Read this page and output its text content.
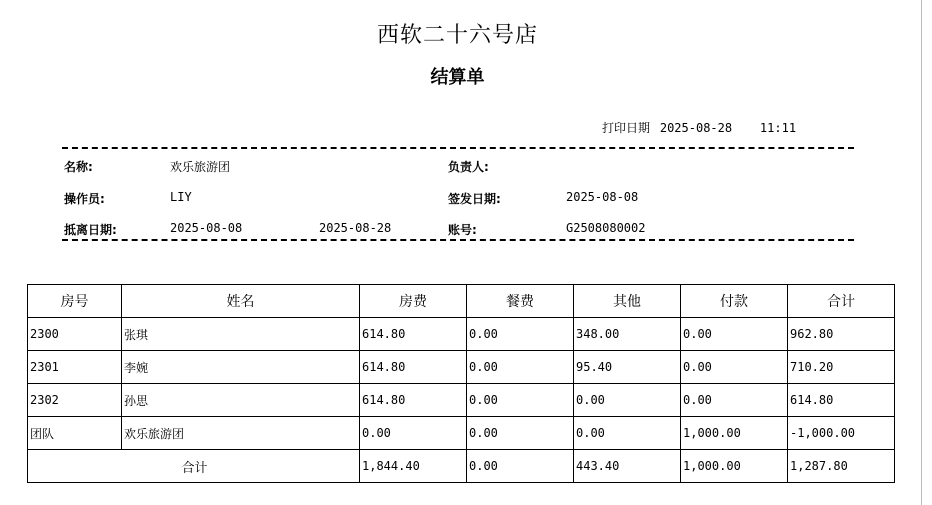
西软二十六号店
结算单
打印日期 2025-08-28 11:11
名称:	欢乐旅游团	负责人:
操作员:	LIY	签发日期:	2025-08-08
抵离日期:	2025-08-08	2025-08-28	账号:	G2508080002
房号	姓名	房费	餐费	其他	付款	合计
2300	张琪	614.80	0.00	348.00	0.00	962.80
2301	李婉	614.80	0.00	95.40	0.00	710.20
2302	孙思	614.80	0.00	0.00	0.00	614.80
团队	欢乐旅游团	0.00	0.00	0.00	1,000.00	-1,000.00
合计		1,844.40	0.00	443.40	1,000.00	1,287.80
